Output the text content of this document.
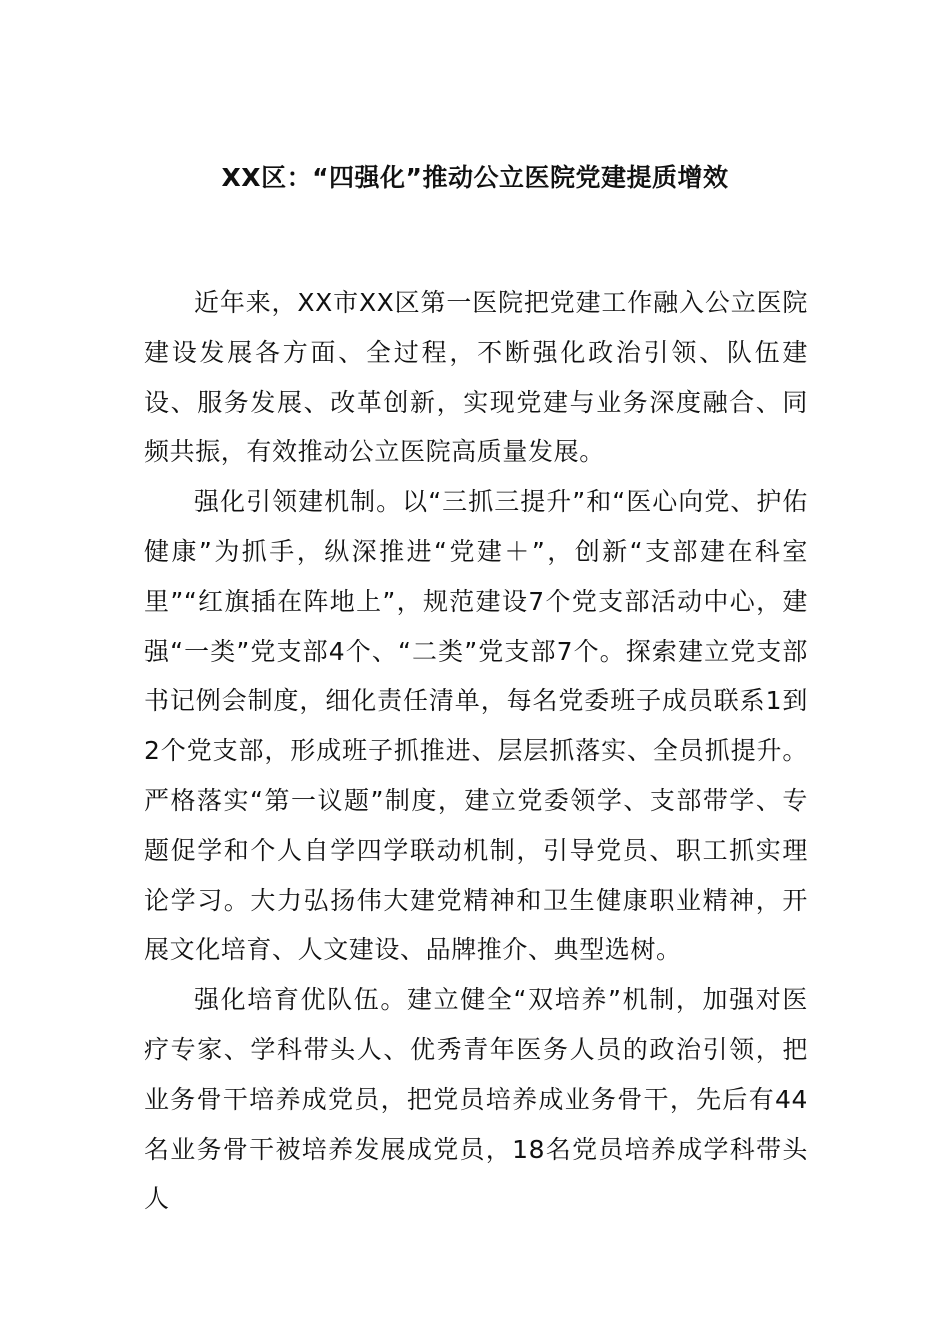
XX区：“四强化”推动公立医院党建提质增效

近年来，XX市XX区第一医院把党建工作融入公立医院建设发展各方面、全过程，不断强化政治引领、队伍建设、服务发展、改革创新，实现党建与业务深度融合、同频共振，有效推动公立医院高质量发展。

强化引领建机制。以“三抓三提升”和“医心向党、护佑健康”为抓手，纵深推进“党建＋”，创新“支部建在科室里”“红旗插在阵地上”，规范建设7个党支部活动中心，建强“一类”党支部4个、“二类”党支部7个。探索建立党支部书记例会制度，细化责任清单，每名党委班子成员联系1到2个党支部，形成班子抓推进、层层抓落实、全员抓提升。严格落实“第一议题”制度，建立党委领学、支部带学、专题促学和个人自学四学联动机制，引导党员、职工抓实理论学习。大力弘扬伟大建党精神和卫生健康职业精神，开展文化培育、人文建设、品牌推介、典型选树。

强化培育优队伍。建立健全“双培养”机制，加强对医疗专家、学科带头人、优秀青年医务人员的政治引领，把业务骨干培养成党员，把党员培养成业务骨干，先后有44名业务骨干被培养发展成党员，18名党员培养成学科带头人
